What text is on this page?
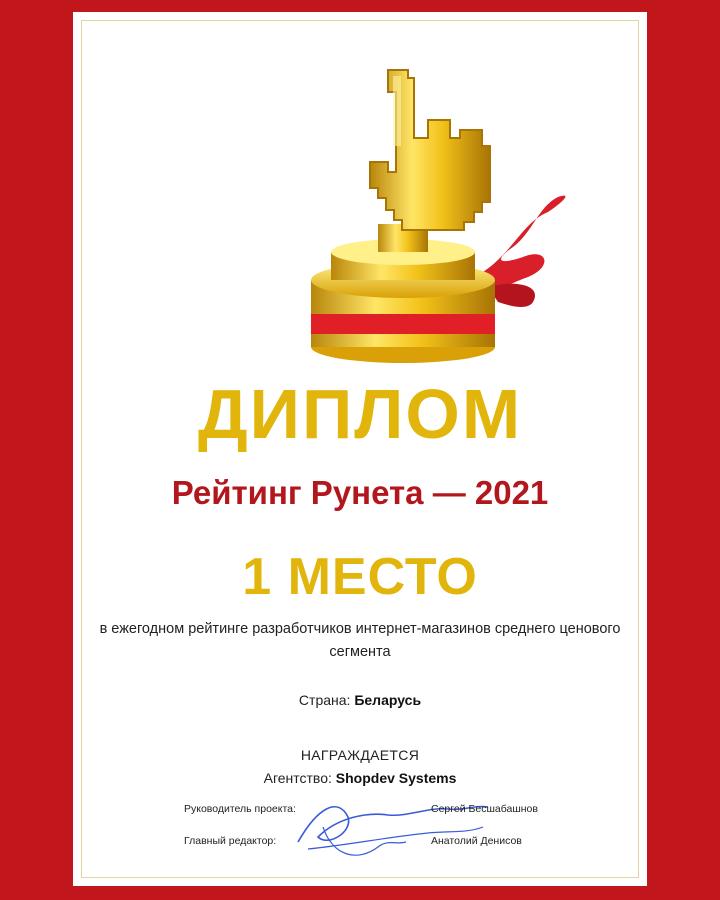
ДИПЛОМ
Рейтинг Рунета — 2021
1 МЕСТО
в ежегодном рейтинге разработчиков интернет-магазинов среднего ценового сегмента
Страна: Беларусь
НАГРАЖДАЕТСЯ
Агентство: Shopdev Systems
Руководитель проекта:	Сергей Бесшабашнов
Главный редактор:	Анатолий Денисов
